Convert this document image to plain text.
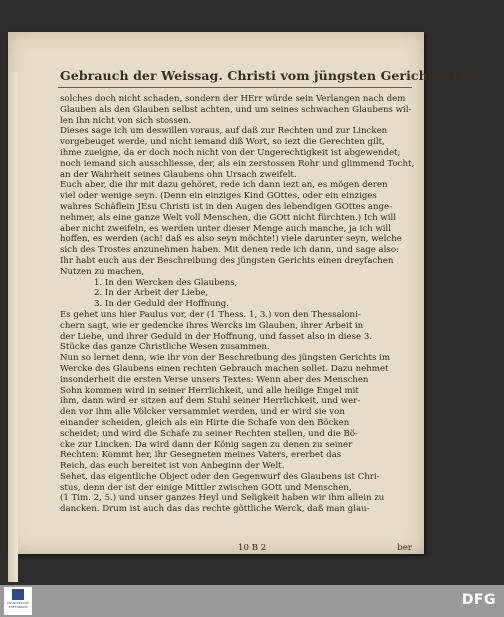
Gebrauch der Weissag. Christi vom jüngsten Gerichte. 1667
solches doch nicht schaden, sondern der HErr würde sein Verlangen nach dem
Glauben als den Glauben selbst achten, und um seines schwachen Glaubens wil-
len ihn nicht von sich stossen.
Dieses sage ich um deswillen voraus, auf daß zur Rechten und zur Lincken
vorgebeuget werde, und nicht iemand diß Wort, so iezt die Gerechten gilt,
ihme zueigne, da er doch noch nicht von der Ungerechtigkeit ist abgewendet;
noch iemand sich ausschliesse, der, als ein zerstossen Rohr und glimmend Tocht,
an der Wahrheit seines Glaubens ohn Ursach zweifelt.
Euch aber, die ihr mit dazu gehöret, rede ich dann iezt an, es mögen deren
viel oder wenige seyn. (Denn ein einziges Kind GOttes, oder ein einziges
wahres Schäflein JEsu Christi ist in den Augen des lebendigen GOttes ange-
nehmer, als eine ganze Welt voll Menschen, die GOtt nicht fürchten.) Ich will
aber nicht zweifeln, es werden unter dieser Menge auch manche, ja ich will
hoffen, es werden (ach! daß es also seyn möchte!) viele darunter seyn, welche
sich des Trostes anzunehmen haben. Mit denen rede ich dann, und sage also:
Ihr habt euch aus der Beschreibung des jüngsten Gerichts einen dreyfachen
Nutzen zu machen,
1. In den Wercken des Glaubens,
2. In der Arbeit der Liebe,
3. In der Geduld der Hoffnung.
Es gehet uns hier Paulus vor, der (1 Thess. 1, 3.) von den Thessaloni-
chern sagt, wie er gedencke ihres Wercks im Glauben, ihrer Arbeit in
der Liebe, und ihrer Geduld in der Hoffnung, und fasset also in diese 3.
Stücke das ganze Christliche Wesen zusammen.
Nun so lernet denn, wie ihr von der Beschreibung des jüngsten Gerichts im
Wercke des Glaubens einen rechten Gebrauch machen sollet. Dazu nehmet
insonderheit die ersten Verse unsers Textes: Wenn aber des Menschen
Sohn kommen wird in seiner Herrlichkeit, und alle heilige Engel mit
ihm, dann wird er sitzen auf dem Stuhl seiner Herrlichkeit, und wer-
den vor ihm alle Völcker versammlet werden, und er wird sie von
einander scheiden, gleich als ein Hirte die Schafe von den Böcken
scheidet; und wird die Schafe zu seiner Rechten stellen, und die Bö-
cke zur Lincken. Da wird dann der König sagen zu denen zu seiner
Rechten: Kommt her, ihr Gesegneten meines Vaters, ererbet das
Reich, das euch bereitet ist von Anbeginn der Welt.
Sehet, das eigentliche Object oder den Gegenwurf des Glaubens ist Chri-
stus, denn der ist der einige Mittler zwischen GOtt und Menschen,
(1 Tim. 2, 5.) und unser ganzes Heyl und Seligkeit haben wir ihm allein zu
dancken. Drum ist auch das das rechte göttliche Werck, daß man glau-
10 B 2	ber
FRANCKESCHE STIFTUNGEN	DFG
